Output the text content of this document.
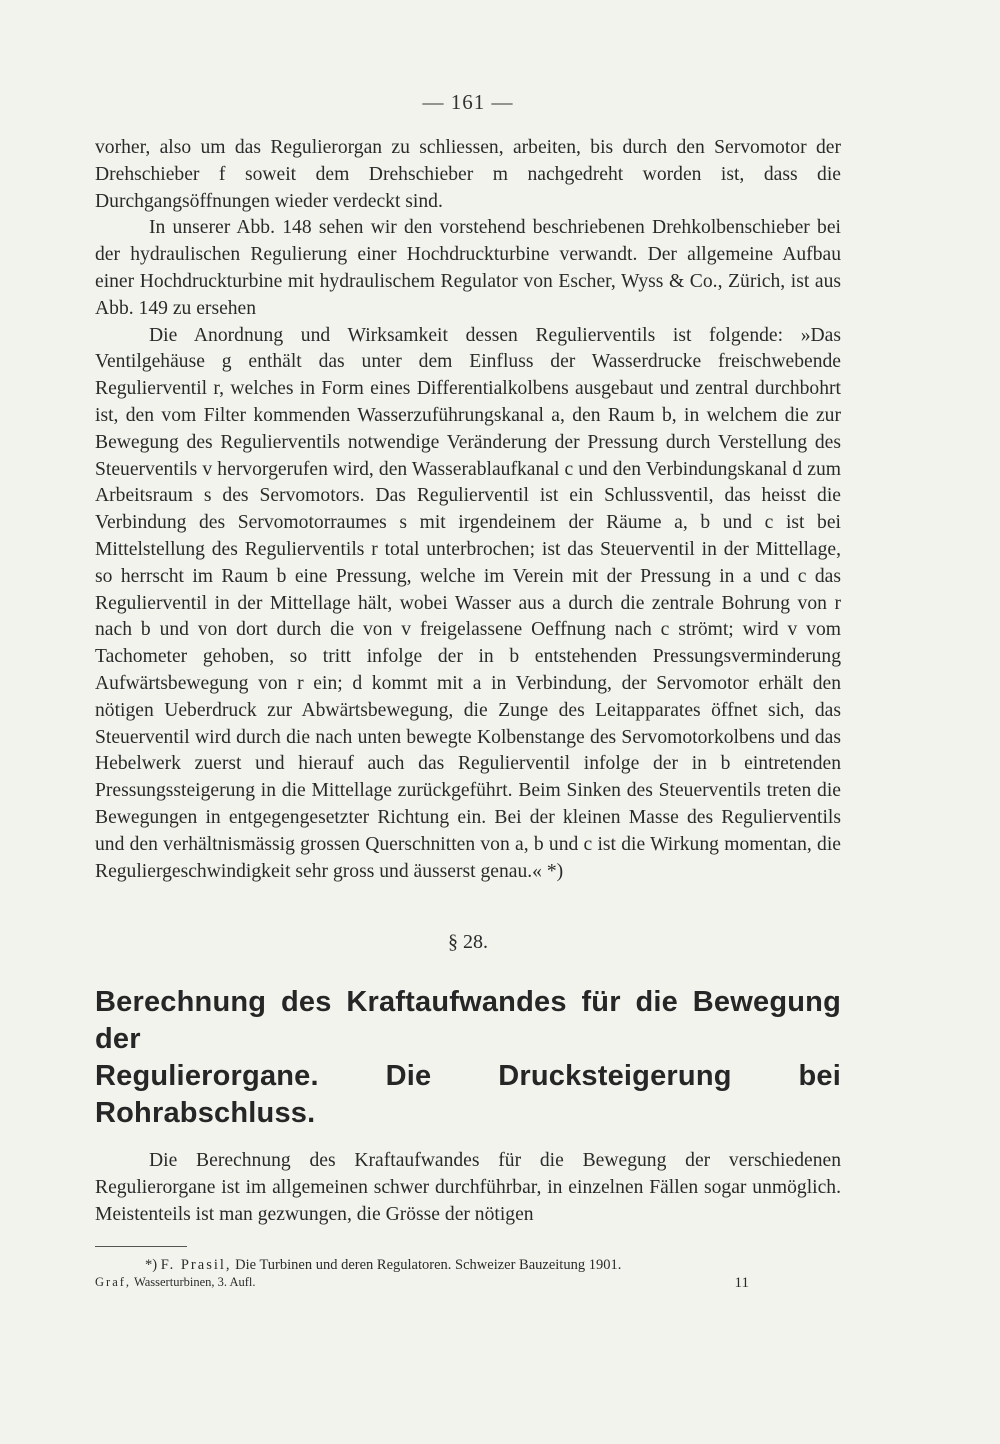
— 161 —

vorher, also um das Regulierorgan zu schliessen, arbeiten, bis durch den Servomotor der Drehschieber f soweit dem Drehschieber m nachgedreht worden ist, dass die Durchgangsöffnungen wieder verdeckt sind.

In unserer Abb. 148 sehen wir den vorstehend beschriebenen Drehkolbenschieber bei der hydraulischen Regulierung einer Hochdruckturbine verwandt. Der allgemeine Aufbau einer Hochdruckturbine mit hydraulischem Regulator von Escher, Wyss & Co., Zürich, ist aus Abb. 149 zu ersehen

Die Anordnung und Wirksamkeit dessen Regulierventils ist folgende: »Das Ventilgehäuse g enthält das unter dem Einfluss der Wasserdrucke freischwebende Regulierventil r, welches in Form eines Differentialkolbens ausgebaut und zentral durchbohrt ist, den vom Filter kommenden Wasserzuführungskanal a, den Raum b, in welchem die zur Bewegung des Regulierventils notwendige Veränderung der Pressung durch Verstellung des Steuerventils v hervorgerufen wird, den Wasserablaufkanal c und den Verbindungskanal d zum Arbeitsraum s des Servomotors. Das Regulierventil ist ein Schlussventil, das heisst die Verbindung des Servomotorraumes s mit irgendeinem der Räume a, b und c ist bei Mittelstellung des Regulierventils r total unterbrochen; ist das Steuerventil in der Mittellage, so herrscht im Raum b eine Pressung, welche im Verein mit der Pressung in a und c das Regulierventil in der Mittellage hält, wobei Wasser aus a durch die zentrale Bohrung von r nach b und von dort durch die von v freigelassene Oeffnung nach c strömt; wird v vom Tachometer gehoben, so tritt infolge der in b entstehenden Pressungsverminderung Aufwärtsbewegung von r ein; d kommt mit a in Verbindung, der Servomotor erhält den nötigen Ueberdruck zur Abwärtsbewegung, die Zunge des Leitapparates öffnet sich, das Steuerventil wird durch die nach unten bewegte Kolbenstange des Servomotorkolbens und das Hebelwerk zuerst und hierauf auch das Regulierventil infolge der in b eintretenden Pressungssteigerung in die Mittellage zurückgeführt. Beim Sinken des Steuerventils treten die Bewegungen in entgegengesetzter Richtung ein. Bei der kleinen Masse des Regulierventils und den verhältnismässig grossen Querschnitten von a, b und c ist die Wirkung momentan, die Reguliergeschwindigkeit sehr gross und äusserst genau.« *)

§ 28.
Berechnung des Kraftaufwandes für die Bewegung der
Regulierorgane. Die Drucksteigerung bei Rohrabschluss.

Die Berechnung des Kraftaufwandes für die Bewegung der verschiedenen Regulierorgane ist im allgemeinen schwer durchführbar, in einzelnen Fällen sogar unmöglich. Meistenteils ist man gezwungen, die Grösse der nötigen

*) F. Prasil, Die Turbinen und deren Regulatoren. Schweizer Bauzeitung 1901.

Graf, Wasserturbinen, 3. Aufl.	11
